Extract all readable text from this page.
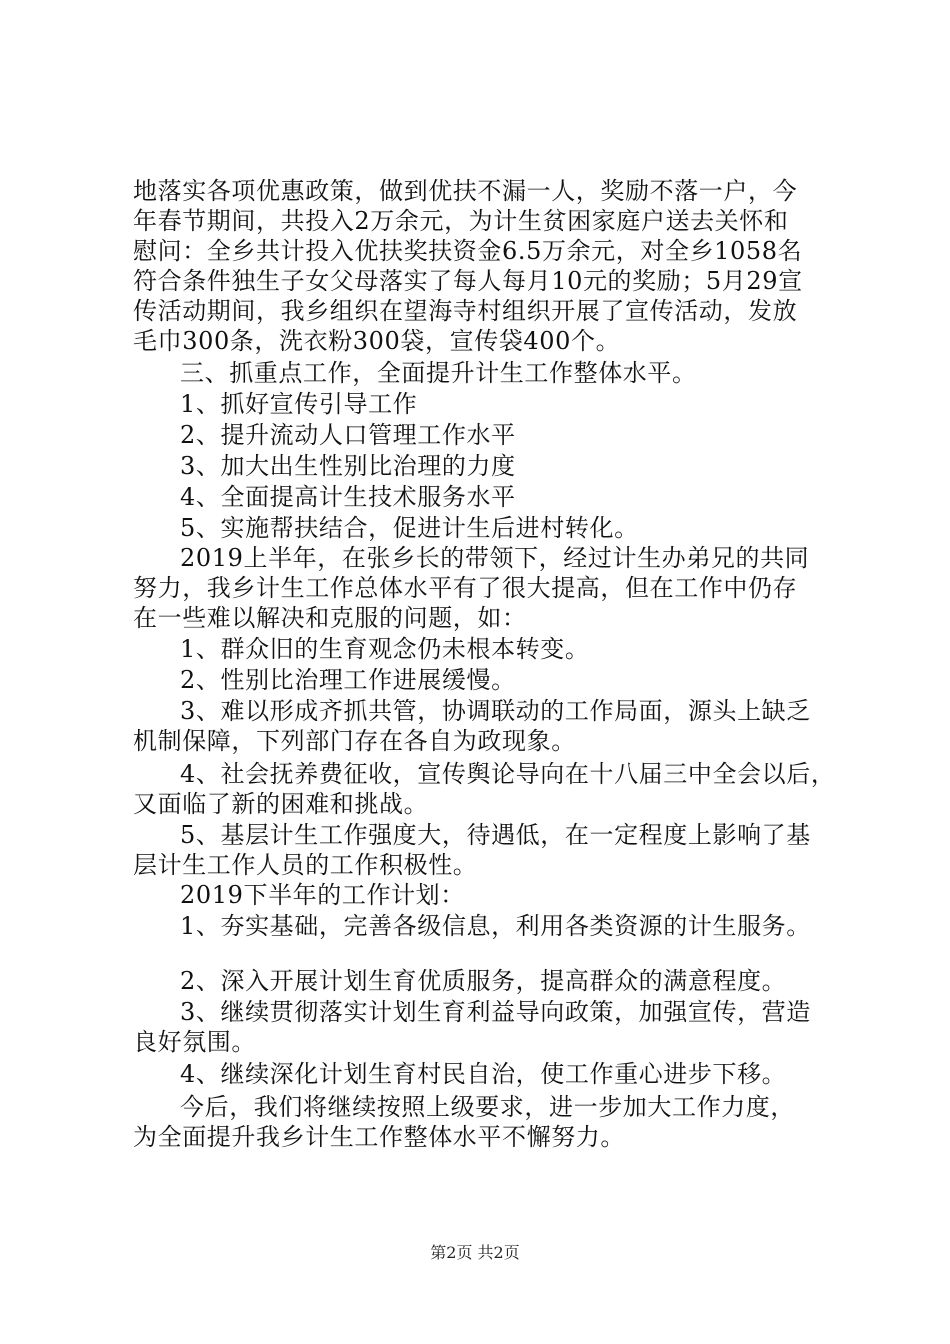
地落实各项优惠政策，做到优扶不漏一人，奖励不落一户，今
年春节期间，共投入2万余元，为计生贫困家庭户送去关怀和
慰问：全乡共计投入优扶奖扶资金6.5万余元，对全乡1058名
符合条件独生子女父母落实了每人每月10元的奖励；5月29宣
传活动期间，我乡组织在望海寺村组织开展了宣传活动，发放
毛巾300条，洗衣粉300袋，宣传袋400个。
三、抓重点工作，全面提升计生工作整体水平。
1、抓好宣传引导工作
2、提升流动人口管理工作水平
3、加大出生性别比治理的力度
4、全面提高计生技术服务水平
5、实施帮扶结合，促进计生后进村转化。
2019上半年，在张乡长的带领下，经过计生办弟兄的共同
努力，我乡计生工作总体水平有了很大提高，但在工作中仍存
在一些难以解决和克服的问题，如：
1、群众旧的生育观念仍未根本转变。
2、性别比治理工作进展缓慢。
3、难以形成齐抓共管，协调联动的工作局面，源头上缺乏
机制保障，下列部门存在各自为政现象。
4、社会抚养费征收，宣传舆论导向在十八届三中全会以后，
又面临了新的困难和挑战。
5、基层计生工作强度大，待遇低，在一定程度上影响了基
层计生工作人员的工作积极性。
2019下半年的工作计划：
1、夯实基础，完善各级信息，利用各类资源的计生服务。
2、深入开展计划生育优质服务，提高群众的满意程度。
3、继续贯彻落实计划生育利益导向政策，加强宣传，营造
良好氛围。
4、继续深化计划生育村民自治，使工作重心进步下移。
今后，我们将继续按照上级要求，进一步加大工作力度，
为全面提升我乡计生工作整体水平不懈努力。
第2页 共2页
